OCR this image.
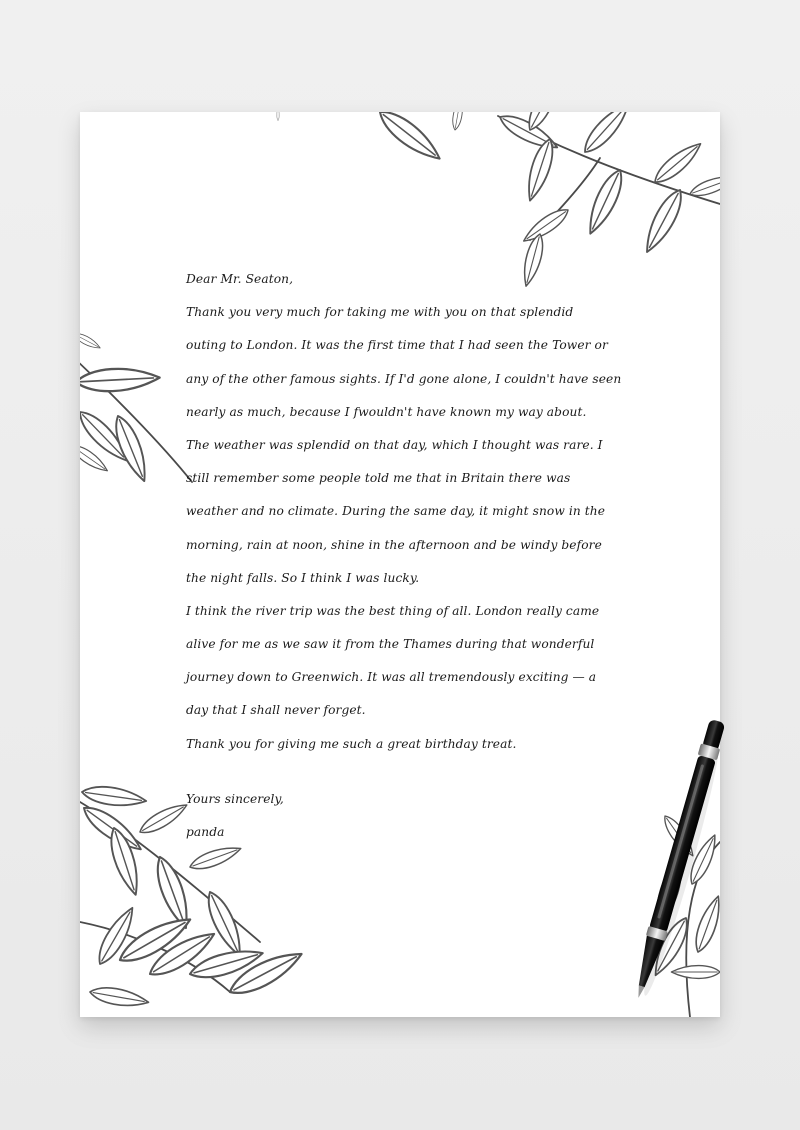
Dear Mr. Seaton,
Thank you very much for taking me with you on that splendid
outing to London. It was the first time that I had seen the Tower or
any of the other famous sights. If I'd gone alone, I couldn't have seen
nearly as much, because I fwouldn't have known my way about.
The weather was splendid on that day, which I thought was rare. I
still remember some people told me that in Britain there was
weather and no climate. During the same day, it might snow in the
morning, rain at noon, shine in the afternoon and be windy before
the night falls. So I think I was lucky.
I think the river trip was the best thing of all. London really came
alive for me as we saw it from the Thames during that wonderful
journey down to Greenwich. It was all tremendously exciting — a
day that I shall never forget.
Thank you for giving me such a great birthday treat.
Yours sincerely,
panda
